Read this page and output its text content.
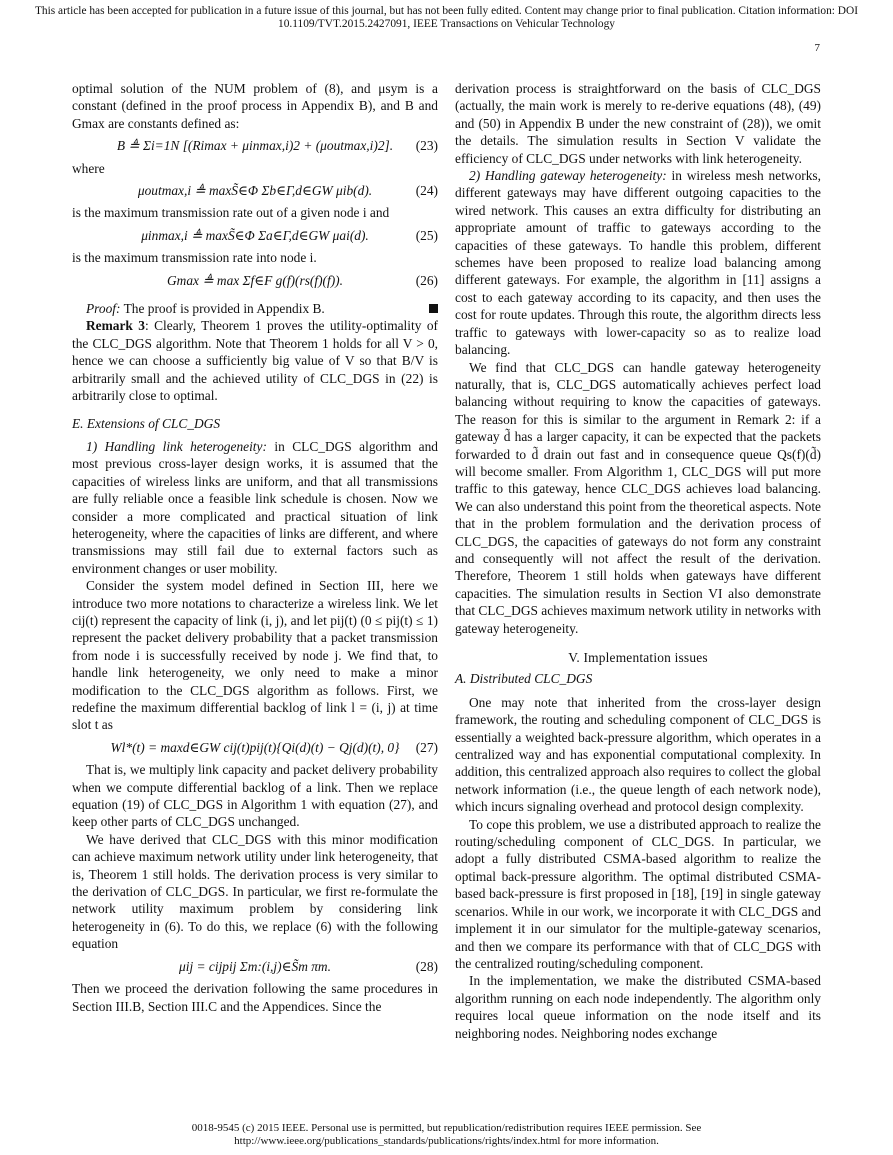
This article has been accepted for publication in a future issue of this journal, but has not been fully edited. Content may change prior to final publication. Citation information: DOI
10.1109/TVT.2015.2427091, IEEE Transactions on Vehicular Technology
7

optimal solution of the NUM problem of (8), and μsym is a constant (defined in the proof process in Appendix B), and B and Gmax are constants defined as:

B ≜ Σi=1N [(Rimax + μinmax,i)2 + (μoutmax,i)2]. (23)

where

μoutmax,i ≜ maxS̃∈Φ Σb∈Γ,d∈GW μib(d).	(24)

is the maximum transmission rate out of a given node i and

μinmax,i ≜ maxS̃∈Φ Σa∈Γ,d∈GW μai(d).	(25)

is the maximum transmission rate into node i.

Gmax ≜ max Σf∈F g(f)(rs(f)(f)).	(26)

Proof: The proof is provided in Appendix B.

Remark 3: Clearly, Theorem 1 proves the utility-optimality of the CLC_DGS algorithm. Note that Theorem 1 holds for all V > 0, hence we can choose a sufficiently big value of V so that B/V is arbitrarily small and the achieved utility of CLC_DGS in (22) is arbitrarily close to optimal.

E. Extensions of CLC_DGS

1) Handling link heterogeneity: in CLC_DGS algorithm and most previous cross-layer design works, it is assumed that the capacities of wireless links are uniform, and that all transmissions are fully reliable once a feasible link schedule is chosen. Now we consider a more complicated and practical situation of link heterogeneity, where the capacities of links are different, and where transmissions may still fail due to external factors such as environment changes or user mobility.

Consider the system model defined in Section III, here we introduce two more notations to characterize a wireless link. We let cij(t) represent the capacity of link (i, j), and let pij(t) (0 ≤ pij(t) ≤ 1) represent the packet delivery probability that a packet transmission from node i is successfully received by node j. We find that, to handle link heterogeneity, we only need to make a minor modification to the CLC_DGS algorithm as follows. First, we redefine the maximum differential backlog of link l = (i, j) at time slot t as

Wl*(t) = maxd∈GW cij(t)pij(t){Qi(d)(t) − Qj(d)(t), 0} (27)

That is, we multiply link capacity and packet delivery probability when we compute differential backlog of a link. Then we replace equation (19) of CLC_DGS in Algorithm 1 with equation (27), and keep other parts of CLC_DGS unchanged.

We have derived that CLC_DGS with this minor modification can achieve maximum network utility under link heterogeneity, that is, Theorem 1 still holds. The derivation process is very similar to the derivation of CLC_DGS. In particular, we first re-formulate the network utility maximum problem by considering link heterogeneity in (6). To do this, we replace (6) with the following equation

μij = cijpij Σm:(i,j)∈S̃m πm.	(28)

Then we proceed the derivation following the same procedures in Section III.B, Section III.C and the Appendices. Since the

derivation process is straightforward on the basis of CLC_DGS (actually, the main work is merely to re-derive equations (48), (49) and (50) in Appendix B under the new constraint of (28)), we omit the details. The simulation results in Section V validate the efficiency of CLC_DGS under networks with link heterogeneity.

2) Handling gateway heterogeneity: in wireless mesh networks, different gateways may have different outgoing capacities to the wired network. This causes an extra difficulty for distributing an appropriate amount of traffic to gateways according to the capacities of these gateways. To handle this problem, different schemes have been proposed to realize load balancing among different gateways. For example, the algorithm in [11] assigns a cost to each gateway according to its capacity, and then uses the cost for route updates. Through this route, the algorithm directs less traffic to gateways with lower-capacity so as to realize load balancing.

We find that CLC_DGS can handle gateway heterogeneity naturally, that is, CLC_DGS automatically achieves perfect load balancing without requiring to know the capacities of gateways. The reason for this is similar to the argument in Remark 2: if a gateway d̃ has a larger capacity, it can be expected that the packets forwarded to d̃ drain out fast and in consequence queue Qs(f)(d̃) will become smaller. From Algorithm 1, CLC_DGS will put more traffic to this gateway, hence CLC_DGS achieves load balancing. We can also understand this point from the theoretical aspects. Note that in the problem formulation and the derivation process of CLC_DGS, the capacities of gateways do not form any constraint and consequently will not affect the result of the derivation. Therefore, Theorem 1 still holds when gateways have different capacities. The simulation results in Section VI also demonstrate that CLC_DGS achieves maximum network utility in networks with gateway heterogeneity.

V. Implementation issues

A. Distributed CLC_DGS

One may note that inherited from the cross-layer design framework, the routing and scheduling component of CLC_DGS is essentially a weighted back-pressure algorithm, which operates in a centralized way and has exponential computational complexity. In addition, this centralized approach also requires to collect the global network information (i.e., the queue length of each network node), which incurs signaling overhead and protocol design complexity.

To cope this problem, we use a distributed approach to realize the routing/scheduling component of CLC_DGS. In particular, we adopt a fully distributed CSMA-based algorithm to realize the optimal back-pressure algorithm. The optimal distributed CSMA-based back-pressure is first proposed in [18], [19] in single gateway scenarios. While in our work, we incorporate it with CLC_DGS and implement it in our simulator for the multiple-gateway scenarios, and then we compare its performance with that of CLC_DGS with the centralized routing/scheduling component.

In the implementation, we make the distributed CSMA-based algorithm running on each node independently. The algorithm only requires local queue information on the node itself and its neighboring nodes. Neighboring nodes exchange

0018-9545 (c) 2015 IEEE. Personal use is permitted, but republication/redistribution requires IEEE permission. See
http://www.ieee.org/publications_standards/publications/rights/index.html for more information.
